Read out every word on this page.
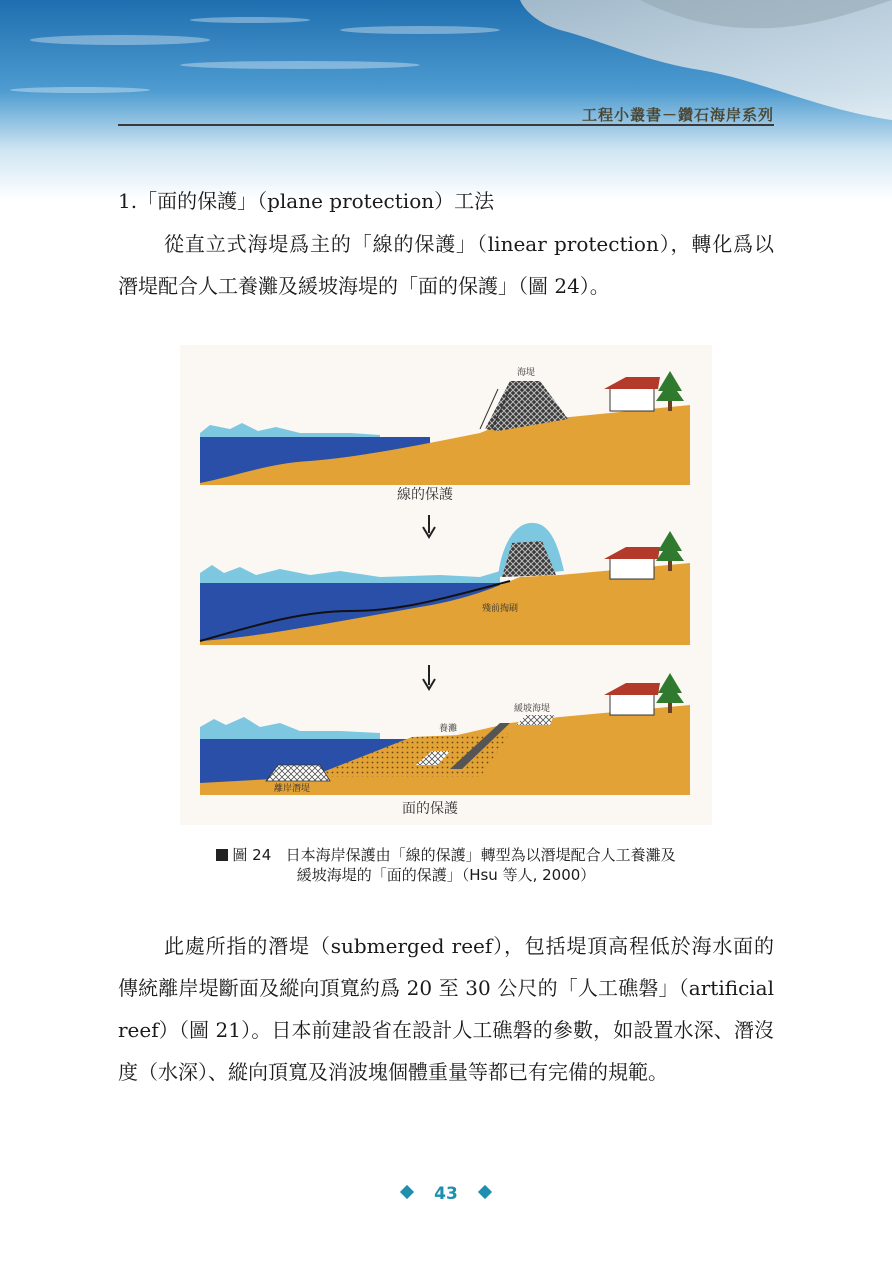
工程小叢書－鑽石海岸系列
1.「面的保護」（plane protection）工法

從直立式海堤爲主的「線的保護」（linear protection），轉化爲以潛堤配合人工養灘及緩坡海堤的「面的保護」（圖 24）。

海堤
線的保護
殘前掏刷
養灘
緩坡海堤
離岸潛堤
面的保護
圖 24 日本海岸保護由「線的保護」轉型為以潛堤配合人工養灘及
緩坡海堤的「面的保護」（Hsu 等人, 2000）

此處所指的潛堤（submerged reef），包括堤頂高程低於海水面的傳統離岸堤斷面及縱向頂寬約爲 20 至 30 公尺的「人工礁磐」（artificial reef）（圖 21）。日本前建設省在設計人工礁磐的參數，如設置水深、潛沒度（水深）、縱向頂寬及消波塊個體重量等都已有完備的規範。

43
